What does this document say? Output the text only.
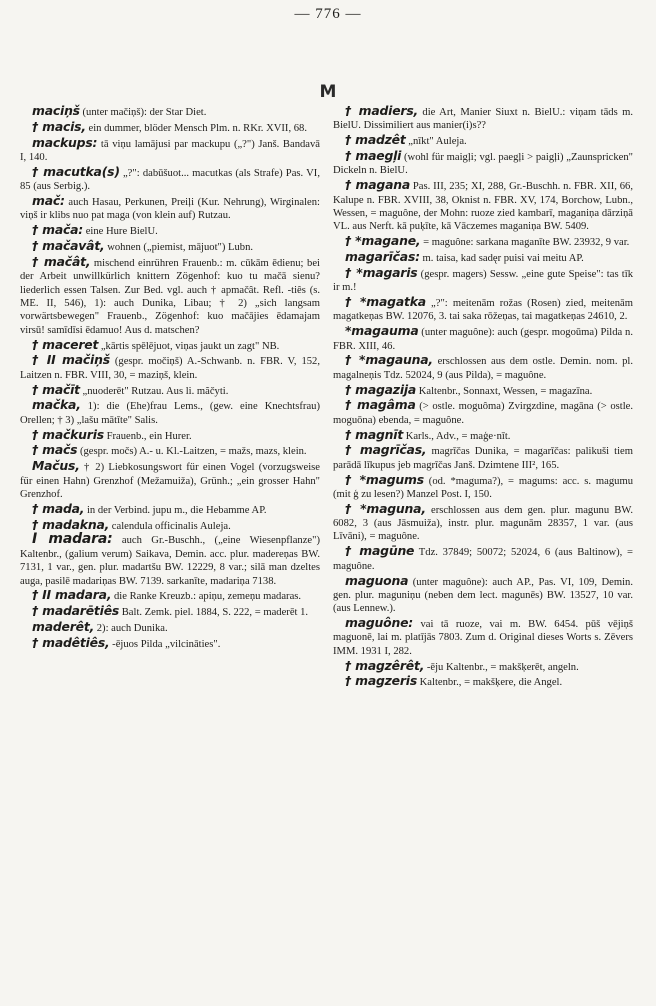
— 776 —
M

maciņš (unter mačiņš): der Star Diet.

† macis, ein dummer, blöder Mensch Plm. n. RKr. XVII, 68.

mackups: tā viņu lamājusi par mackupu („?") Janš. Bandavā I, 140.

† macutka(s) „?": dabūšuot... macutkas (als Strafe) Pas. VI, 85 (aus Serbig.).

mač: auch Hasau, Perkunen, Preiļi (Kur. Nehrung), Wirginalen: viņš ir klibs nuo pat maga (von klein auf) Rutzau.

† mača: eine Hure BielU.

† mačavât, wohnen („piemist, mājuot") Lubn.

† mačât, mischend einrühren Frauenb.: m. cūkām ēdienu; bei der Arbeit unwillkürlich knittern Zögenhof: kuo tu mačā sienu? liederlich essen Talsen. Zur Bed. vgl. auch † apmačât. Refl. -tiês (s. ME. II, 546), 1): auch Dunika, Libau; † 2) „sich langsam vorwärtsbewegen" Frauenb., Zögenhof: kuo mačājies ēdamajam virsū! samīdīsi ēdamuo! Aus d. matschen?

† maceret „kārtis spēlējuot, viņas jaukt un zagt" NB.

† II mačiņš (gespr. močiņš) A.-Schwanb. n. FBR. V, 152, Laitzen n. FBR. VIII, 30, = maziņš, klein.

† mačīt „nuoderēt" Rutzau. Aus li. mãčyti.

mačka, 1): die (Ehe)frau Lems., (gew. eine Knechtsfrau) Orellen; † 3) „lašu mātīte" Salis.

† mačkuris Frauenb., ein Hurer.

† mačs (gespr. močs) A.- u. Kl.-Laitzen, = mažs, mazs, klein.

Mačus, † 2) Liebkosungswort für einen Vogel (vorzugsweise für einen Hahn) Grenzhof (Mežamuiža), Grünh.; „ein grosser Hahn" Grenzhof.

† mada, in der Verbind. jupu m., die Hebamme AP.

† madakna, calendula officinalis Auleja.

I madara: auch Gr.-Buschh., („eine Wiesenpflanze") Kaltenbr., (galium verum) Saikava, Demin. acc. plur. madereņas BW. 7131, 1 var., gen. plur. madartšu BW. 12229, 8 var.; silā man dzeltes auga, pasilē madariņas BW. 7139. sarkanīte, madariņa 7138.

† II madara, die Ranke Kreuzb.: apiņu, zemeņu madaras.

† madarētiês Balt. Zemk. piel. 1884, S. 222, = maderēt 1.

maderêt, 2): auch Dunika.

† madêtiês, -ējuos Pilda „vilcināties".

† madiers, die Art, Manier Siuxt n. BielU.: viņam tāds m. BielU. Dissimiliert aus manier(i)s??

† madzêt „nīkt" Auleja.

† maegļi (wohl für maigļi; vgl. paegļi > paigļi) „Zaunspricken" Dickeln n. BielU.

† magana Pas. III, 235; XI, 288, Gr.-Buschh. n. FBR. XII, 66, Kalupe n. FBR. XVIII, 38, Oknist n. FBR. XV, 174, Borchow, Lubn., Wessen, = maguône, der Mohn: ruoze zied kambarī, maganiņa dārziņā VL. aus Nerft. kā puķīte, kā Vāczemes maganiņa BW. 5409.

† *magane, = maguône: sarkana maganīte BW. 23932, 9 var.

magarīčas: m. taisa, kad sadęr puisi vai meitu AP.

† *magaris (gespr. magers) Sessw. „eine gute Speise": tas tīk ir m.!

† *magatka „?": meitenām rožas (Rosen) zied, meitenām magatkeņas BW. 12076, 3. tai saka rōžeņas, tai magatkeņas 24610, 2.

*magauma (unter maguône): auch (gespr. mogoūma) Pilda n. FBR. XIII, 46.

† *magauna, erschlossen aus dem ostle. Demin. nom. pl. magalneņis Tdz. 52024, 9 (aus Pilda), = maguône.

† magazija Kaltenbr., Sonnaxt, Wessen, = magazīna.

† magâma (> ostle. moguôma) Zvirgzdine, magāna (> ostle. moguōna) ebenda, = maguône.

† magnīt Karls., Adv., = maģe·nīt.

† magrīčas, magrīčas Dunika, = magarīčas: palikuši tiem parādā līkupus jeb magrīčas Janš. Dzimtene III², 165.

† *magums (od. *maguma?), = magums: acc. s. magumu (mit ģ zu lesen?) Manzel Post. I, 150.

† *maguna, erschlossen aus dem gen. plur. magunu BW. 6082, 3 (aus Jāsmuiža), instr. plur. magunām 28357, 1 var. (aus Līvāni), = maguône.

† magūne Tdz. 37849; 50072; 52024, 6 (aus Baltinow), = maguône.

maguona (unter maguône): auch AP., Pas. VI, 109, Demin. gen. plur. maguniņu (neben dem lect. magunēs) BW. 13527, 10 var. (aus Lennew.).

maguône: vai tā ruoze, vai m. BW. 6454. pūš vējiņš maguonē, lai m. platījās 7803. Zum d. Original dieses Worts s. Zēvers IMM. 1931 I, 282.

† magzêrêt, -ēju Kaltenbr., = makšķerēt, angeln.

† magzeris Kaltenbr., = makšķere, die Angel.
